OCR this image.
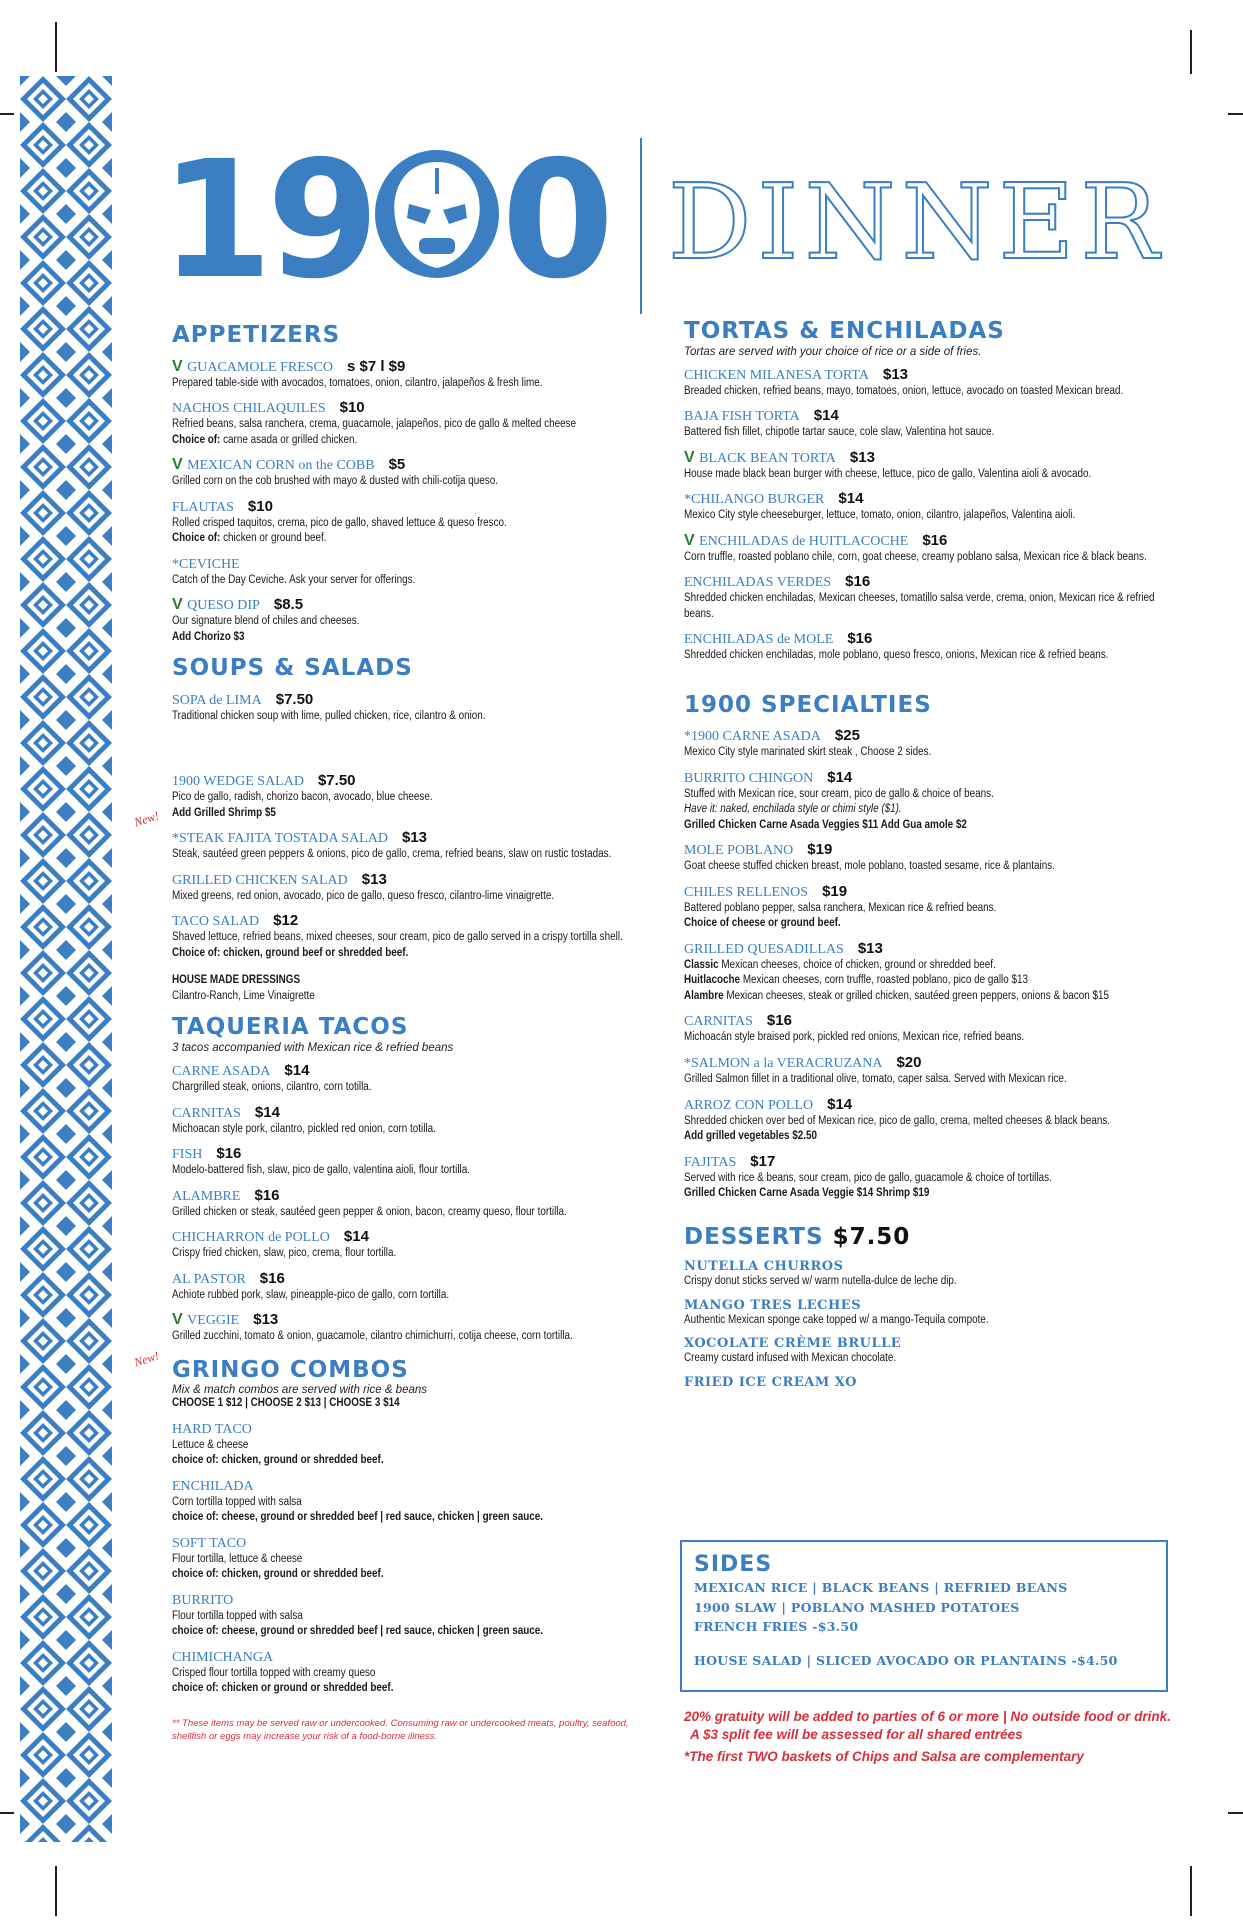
19 0 DINNER
APPETIZERS
V GUACAMOLE FRESCO s $7 l $9
Prepared table-side with avocados, tomatoes, onion, cilantro, jalapeños & fresh lime.
NACHOS CHILAQUILES $10
Refried beans, salsa ranchera, crema, guacamole, jalapeños, pico de gallo & melted cheese
Choice of: carne asada or grilled chicken.
V MEXICAN CORN on the COBB $5
Grilled corn on the cob brushed with mayo & dusted with chili-cotija queso.
FLAUTAS $10
Rolled crisped taquitos, crema, pico de gallo, shaved lettuce & queso fresco.
Choice of: chicken or ground beef.
*CEVICHE
Catch of the Day Ceviche. Ask your server for offerings.
V QUESO DIP $8.5
Our signature blend of chiles and cheeses.
Add Chorizo $3
SOUPS & SALADS
SOPA de LIMA $7.50
Traditional chicken soup with lime, pulled chicken, rice, cilantro & onion.
1900 WEDGE SALAD $7.50
Pico de gallo, radish, chorizo bacon, avocado, blue cheese.
Add Grilled Shrimp $5
*STEAK FAJITA TOSTADA SALAD $13
Steak, sautéed green peppers & onions, pico de gallo, crema, refried beans, slaw on rustic tostadas.
GRILLED CHICKEN SALAD $13
Mixed greens, red onion, avocado, pico de gallo, queso fresco, cilantro-lime vinaigrette.
TACO SALAD $12
Shaved lettuce, refried beans, mixed cheeses, sour cream, pico de gallo served in a crispy tortilla shell.
Choice of: chicken, ground beef or shredded beef.
HOUSE MADE DRESSINGS
Cilantro-Ranch, Lime Vinaigrette
TAQUERIA TACOS
3 tacos accompanied with Mexican rice & refried beans
CARNE ASADA $14
Chargrilled steak, onions, cilantro, corn totilla.
CARNITAS $14
Michoacan style pork, cilantro, pickled red onion, corn totilla.
FISH $16
Modelo-battered fish, slaw, pico de gallo, valentina aioli, flour tortilla.
ALAMBRE $16
Grilled chicken or steak, sautéed geen pepper & onion, bacon, creamy queso, flour tortilla.
CHICHARRON de POLLO $14
Crispy fried chicken, slaw, pico, crema, flour tortilla.
AL PASTOR $16
Achiote rubbed pork, slaw, pineapple-pico de gallo, corn tortilla.
V VEGGIE $13
Grilled zucchini, tomato & onion, guacamole, cilantro chimichurri, cotija cheese, corn tortilla.
GRINGO COMBOS
Mix & match combos are served with rice & beans
CHOOSE 1 $12 | CHOOSE 2 $13 | CHOOSE 3 $14
HARD TACO
Lettuce & cheese
choice of: chicken, ground or shredded beef.
ENCHILADA
Corn tortilla topped with salsa
choice of: cheese, ground or shredded beef | red sauce, chicken | green sauce.
SOFT TACO
Flour tortilla, lettuce & cheese
choice of: chicken, ground or shredded beef.
BURRITO
Flour tortilla topped with salsa
choice of: cheese, ground or shredded beef | red sauce, chicken | green sauce.
CHIMICHANGA
Crisped flour tortilla topped with creamy queso
choice of: chicken or ground or shredded beef.
New!
New!
** These items may be served raw or undercooked. Consuming raw or undercooked meats, poultry, seafood, shellfish or eggs may increase your risk of a food-borne illness.
TORTAS & ENCHILADAS
Tortas are served with your choice of rice or a side of fries.
CHICKEN MILANESA TORTA $13
Breaded chicken, refried beans, mayo, tomatoes, onion, lettuce, avocado on toasted Mexican bread.
BAJA FISH TORTA $14
Battered fish fillet, chipotle tartar sauce, cole slaw, Valentina hot sauce.
V BLACK BEAN TORTA $13
House made black bean burger with cheese, lettuce, pico de gallo, Valentina aioli & avocado.
*CHILANGO BURGER $14
Mexico City style cheeseburger, lettuce, tomato, onion, cilantro, jalapeños, Valentina aioli.
V ENCHILADAS de HUITLACOCHE $16
Corn truffle, roasted poblano chile, corn, goat cheese, creamy poblano salsa, Mexican rice & black beans.
ENCHILADAS VERDES $16
Shredded chicken enchiladas, Mexican cheeses, tomatillo salsa verde, crema, onion, Mexican rice & refried beans.
ENCHILADAS de MOLE $16
Shredded chicken enchiladas, mole poblano, queso fresco, onions, Mexican rice & refried beans.
1900 SPECIALTIES
*1900 CARNE ASADA $25
Mexico City style marinated skirt steak , Choose 2 sides.
BURRITO CHINGON $14
Stuffed with Mexican rice, sour cream, pico de gallo & choice of beans.
Have it: naked, enchilada style or chimi style ($1).
Grilled Chicken Carne Asada Veggies $11 Add Gua amole $2
MOLE POBLANO $19
Goat cheese stuffed chicken breast, mole poblano, toasted sesame, rice & plantains.
CHILES RELLENOS $19
Battered poblano pepper, salsa ranchera, Mexican rice & refried beans.
Choice of cheese or ground beef.
GRILLED QUESADILLAS $13
Classic Mexican cheeses, choice of chicken, ground or shredded beef.
Huitlacoche Mexican cheeses, corn truffle, roasted poblano, pico de gallo $13
Alambre Mexican cheeses, steak or grilled chicken, sautéed green peppers, onions & bacon $15
CARNITAS $16
Michoacán style braised pork, pickled red onions, Mexican rice, refried beans.
*SALMON a la VERACRUZANA $20
Grilled Salmon fillet in a traditional olive, tomato, caper salsa. Served with Mexican rice.
ARROZ CON POLLO $14
Shredded chicken over bed of Mexican rice, pico de gallo, crema, melted cheeses & black beans.
Add grilled vegetables $2.50
FAJITAS $17
Served with rice & beans, sour cream, pico de gallo, guacamole & choice of tortillas.
Grilled Chicken Carne Asada Veggie $14 Shrimp $19
DESSERTS $7.50
NUTELLA CHURROS
Crispy donut sticks served w/ warm nutella-dulce de leche dip.
MANGO TRES LECHES
Authentic Mexican sponge cake topped w/ a mango-Tequila compote.
XOCOLATE CRÈME BRULLE
Creamy custard infused with Mexican chocolate.
FRIED ICE CREAM XO
SIDES
MEXICAN RICE | BLACK BEANS | REFRIED BEANS
1900 SLAW | POBLANO MASHED POTATOES
FRENCH FRIES -$3.50
HOUSE SALAD | SLICED AVOCADO OR PLANTAINS -$4.50
20% gratuity will be added to parties of 6 or more | No outside food or drink.
A $3 split fee will be assessed for all shared entrées
*The first TWO baskets of Chips and Salsa are complementary
